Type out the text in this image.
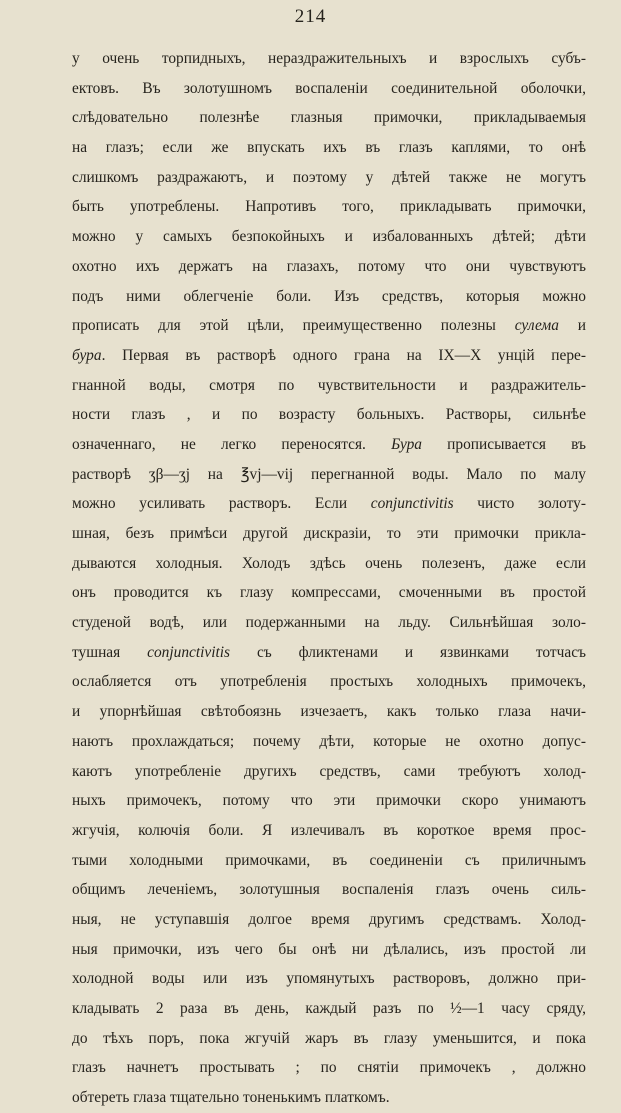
214
у очень торпидныхъ, нераздражительныхъ и взрослыхъ субъ-
ектовъ. Въ золотушномъ воспаленіи соединительной оболочки,
слѣдовательно полезнѣе глазныя примочки, прикладываемыя
на глазъ; если же впускать ихъ въ глазъ каплями, то онѣ
слишкомъ раздражаютъ, и поэтому у дѣтей также не могутъ
быть употреблены. Напротивъ того, прикладывать примочки,
можно у самыхъ безпокойныхъ и избалованныхъ дѣтей; дѣти
охотно ихъ держатъ на глазахъ, потому что они чувствуютъ
подъ ними облегченіе боли. Изъ средствъ, которыя можно
прописать для этой цѣли, преимущественно полезны сулема и
бура. Первая въ растворѣ одного грана на IX—X унцій пере-
гнанной воды, смотря по чувствительности и раздражитель-
ности глазъ , и по возрасту больныхъ. Растворы, сильнѣе
означеннаго, не легко переносятся. Бура прописывается въ
растворѣ ʒβ—ʒj на ℥vj—vij перегнанной воды. Мало по малу
можно усиливать растворъ. Если conjunctivitis чисто золоту-
шная, безъ примѣси другой дискразіи, то эти примочки прикла-
дываются холодныя. Холодъ здѣсь очень полезенъ, даже если
онъ проводится къ глазу компрессами, смоченными въ простой
студеной водѣ, или подержанными на льду. Сильнѣйшая золо-
тушная conjunctivitis съ фликтенами и язвинками тотчасъ
ослабляется отъ употребленія простыхъ холодныхъ примочекъ,
и упорнѣйшая свѣтобоязнь изчезаетъ, какъ только глаза начи-
наютъ прохлаждаться; почему дѣти, которые не охотно допус-
каютъ употребленіе другихъ средствъ, сами требуютъ холод-
ныхъ примочекъ, потому что эти примочки скоро унимаютъ
жгучія, колючія боли. Я излечивалъ въ короткое время прос-
тыми холодными примочками, въ соединеніи съ приличнымъ
общимъ леченіемъ, золотушныя воспаленія глазъ очень силь-
ныя, не уступавшія долгое время другимъ средствамъ. Холод-
ныя примочки, изъ чего бы онѣ ни дѣлались, изъ простой ли
холодной воды или изъ упомянутыхъ растворовъ, должно при-
кладывать 2 раза въ день, каждый разъ по ½—1 часу сряду,
до тѣхъ поръ, пока жгучій жаръ въ глазу уменьшится, и пока
глазъ начнетъ простывать ; по снятіи примочекъ , должно
обтереть глаза тщательно тоненькимъ платкомъ.
